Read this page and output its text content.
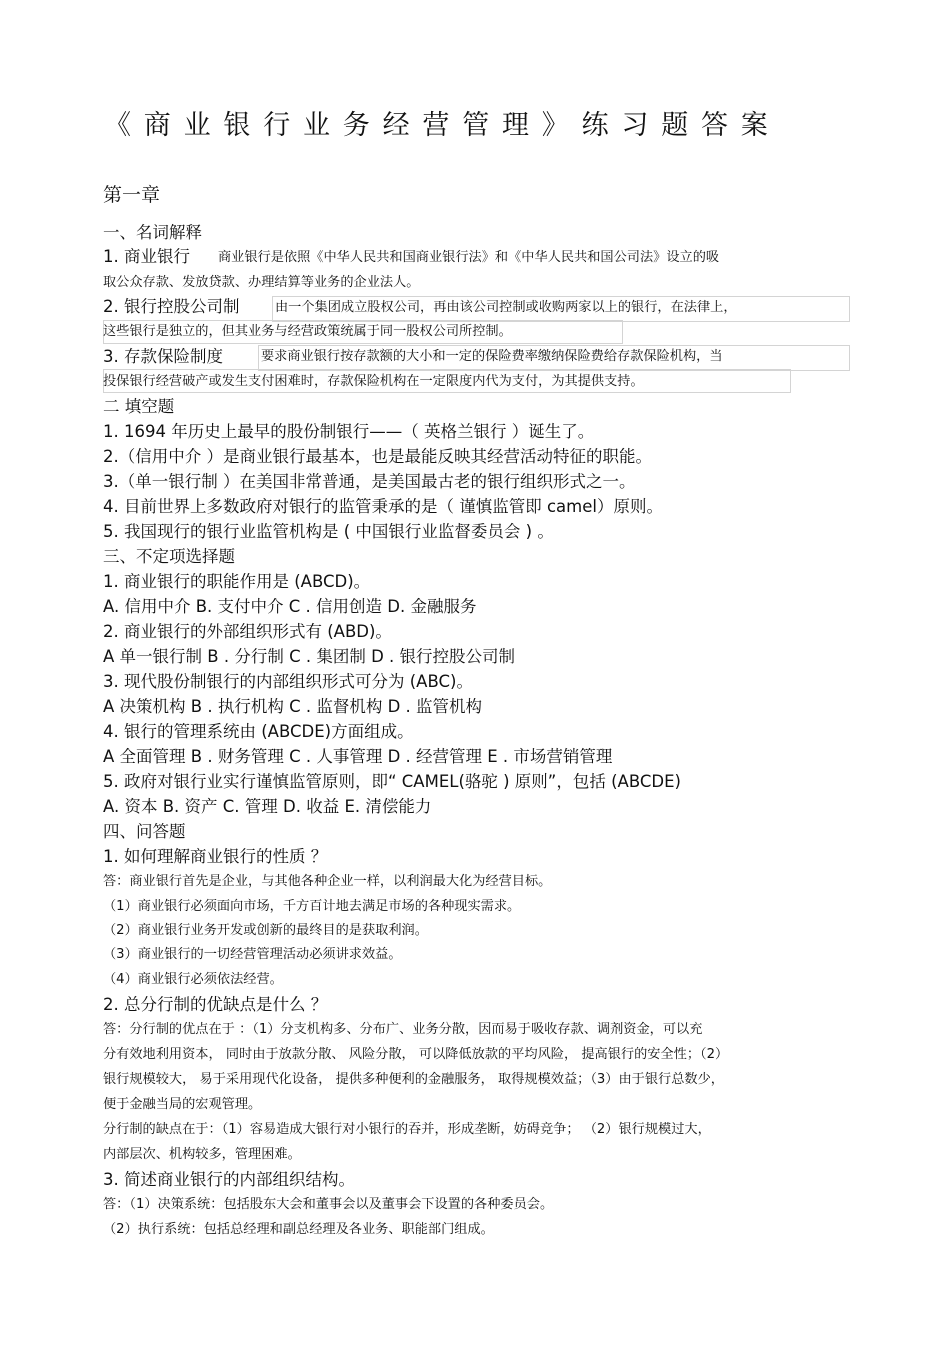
《商业银行业务经营管理》练习题答案
第一章
一、名词解释
1. 商业银行 商业银行是依照《中华人民共和国商业银行法》和《中华人民共和国公司法》设立的吸
取公众存款、发放贷款、办理结算等业务的企业法人。
2. 银行控股公司制	由一个集团成立股权公司，再由该公司控制或收购两家以上的银行，在法律上，
这些银行是独立的，但其业务与经营政策统属于同一股权公司所控制。
3. 存款保险制度	要求商业银行按存款额的大小和一定的保险费率缴纳保险费给存款保险机构，当
投保银行经营破产或发生支付困难时，存款保险机构在一定限度内代为支付，为其提供支持。
二 填空题
1. 1694 年历史上最早的股份制银行——（ 英格兰银行 ）诞生了。
2.（信用中介 ）是商业银行最基本，也是最能反映其经营活动特征的职能。
3.（单一银行制 ）在美国非常普通，是美国最古老的银行组织形式之一。
4. 目前世界上多数政府对银行的监管秉承的是（ 谨慎监管即 camel）原则。
5. 我国现行的银行业监管机构是 ( 中国银行业监督委员会 ) 。
三、不定项选择题
1. 商业银行的职能作用是 (ABCD)。
A. 信用中介 B. 支付中介 C . 信用创造 D. 金融服务
2. 商业银行的外部组织形式有 (ABD)。
A 单一银行制 B . 分行制 C . 集团制 D . 银行控股公司制
3. 现代股份制银行的内部组织形式可分为 (ABC)。
A 决策机构 B . 执行机构 C . 监督机构 D . 监管机构
4. 银行的管理系统由 (ABCDE)方面组成。
A 全面管理 B . 财务管理 C . 人事管理 D . 经营管理 E . 市场营销管理
5. 政府对银行业实行谨慎监管原则，即“ CAMEL(骆驼 ) 原则”，包括 (ABCDE)
A. 资本 B. 资产 C. 管理 D. 收益 E. 清偿能力
四、问答题
1. 如何理解商业银行的性质 ？
答：商业银行首先是企业，与其他各种企业一样，以利润最大化为经营目标。
（1）商业银行必须面向市场，千方百计地去满足市场的各种现实需求。
（2）商业银行业务开发或创新的最终目的是获取利润。
（3）商业银行的一切经营管理活动必须讲求效益。
（4）商业银行必须依法经营。
2. 总分行制的优缺点是什么 ？
答：分行制的优点在于 ：（1）分支机构多、分布广、业务分散，因而易于吸收存款、调剂资金，可以充
分有效地利用资本， 同时由于放款分散、 风险分散， 可以降低放款的平均风险， 提高银行的安全性；（2）
银行规模较大， 易于采用现代化设备， 提供多种便利的金融服务， 取得规模效益；（3）由于银行总数少，
便于金融当局的宏观管理。
分行制的缺点在于：（1）容易造成大银行对小银行的吞并，形成垄断，妨碍竞争； （2）银行规模过大，
内部层次、机构较多，管理困难。
3. 简述商业银行的内部组织结构。
答：（1）决策系统：包括股东大会和董事会以及董事会下设置的各种委员会。
（2）执行系统：包括总经理和副总经理及各业务、职能部门组成。
